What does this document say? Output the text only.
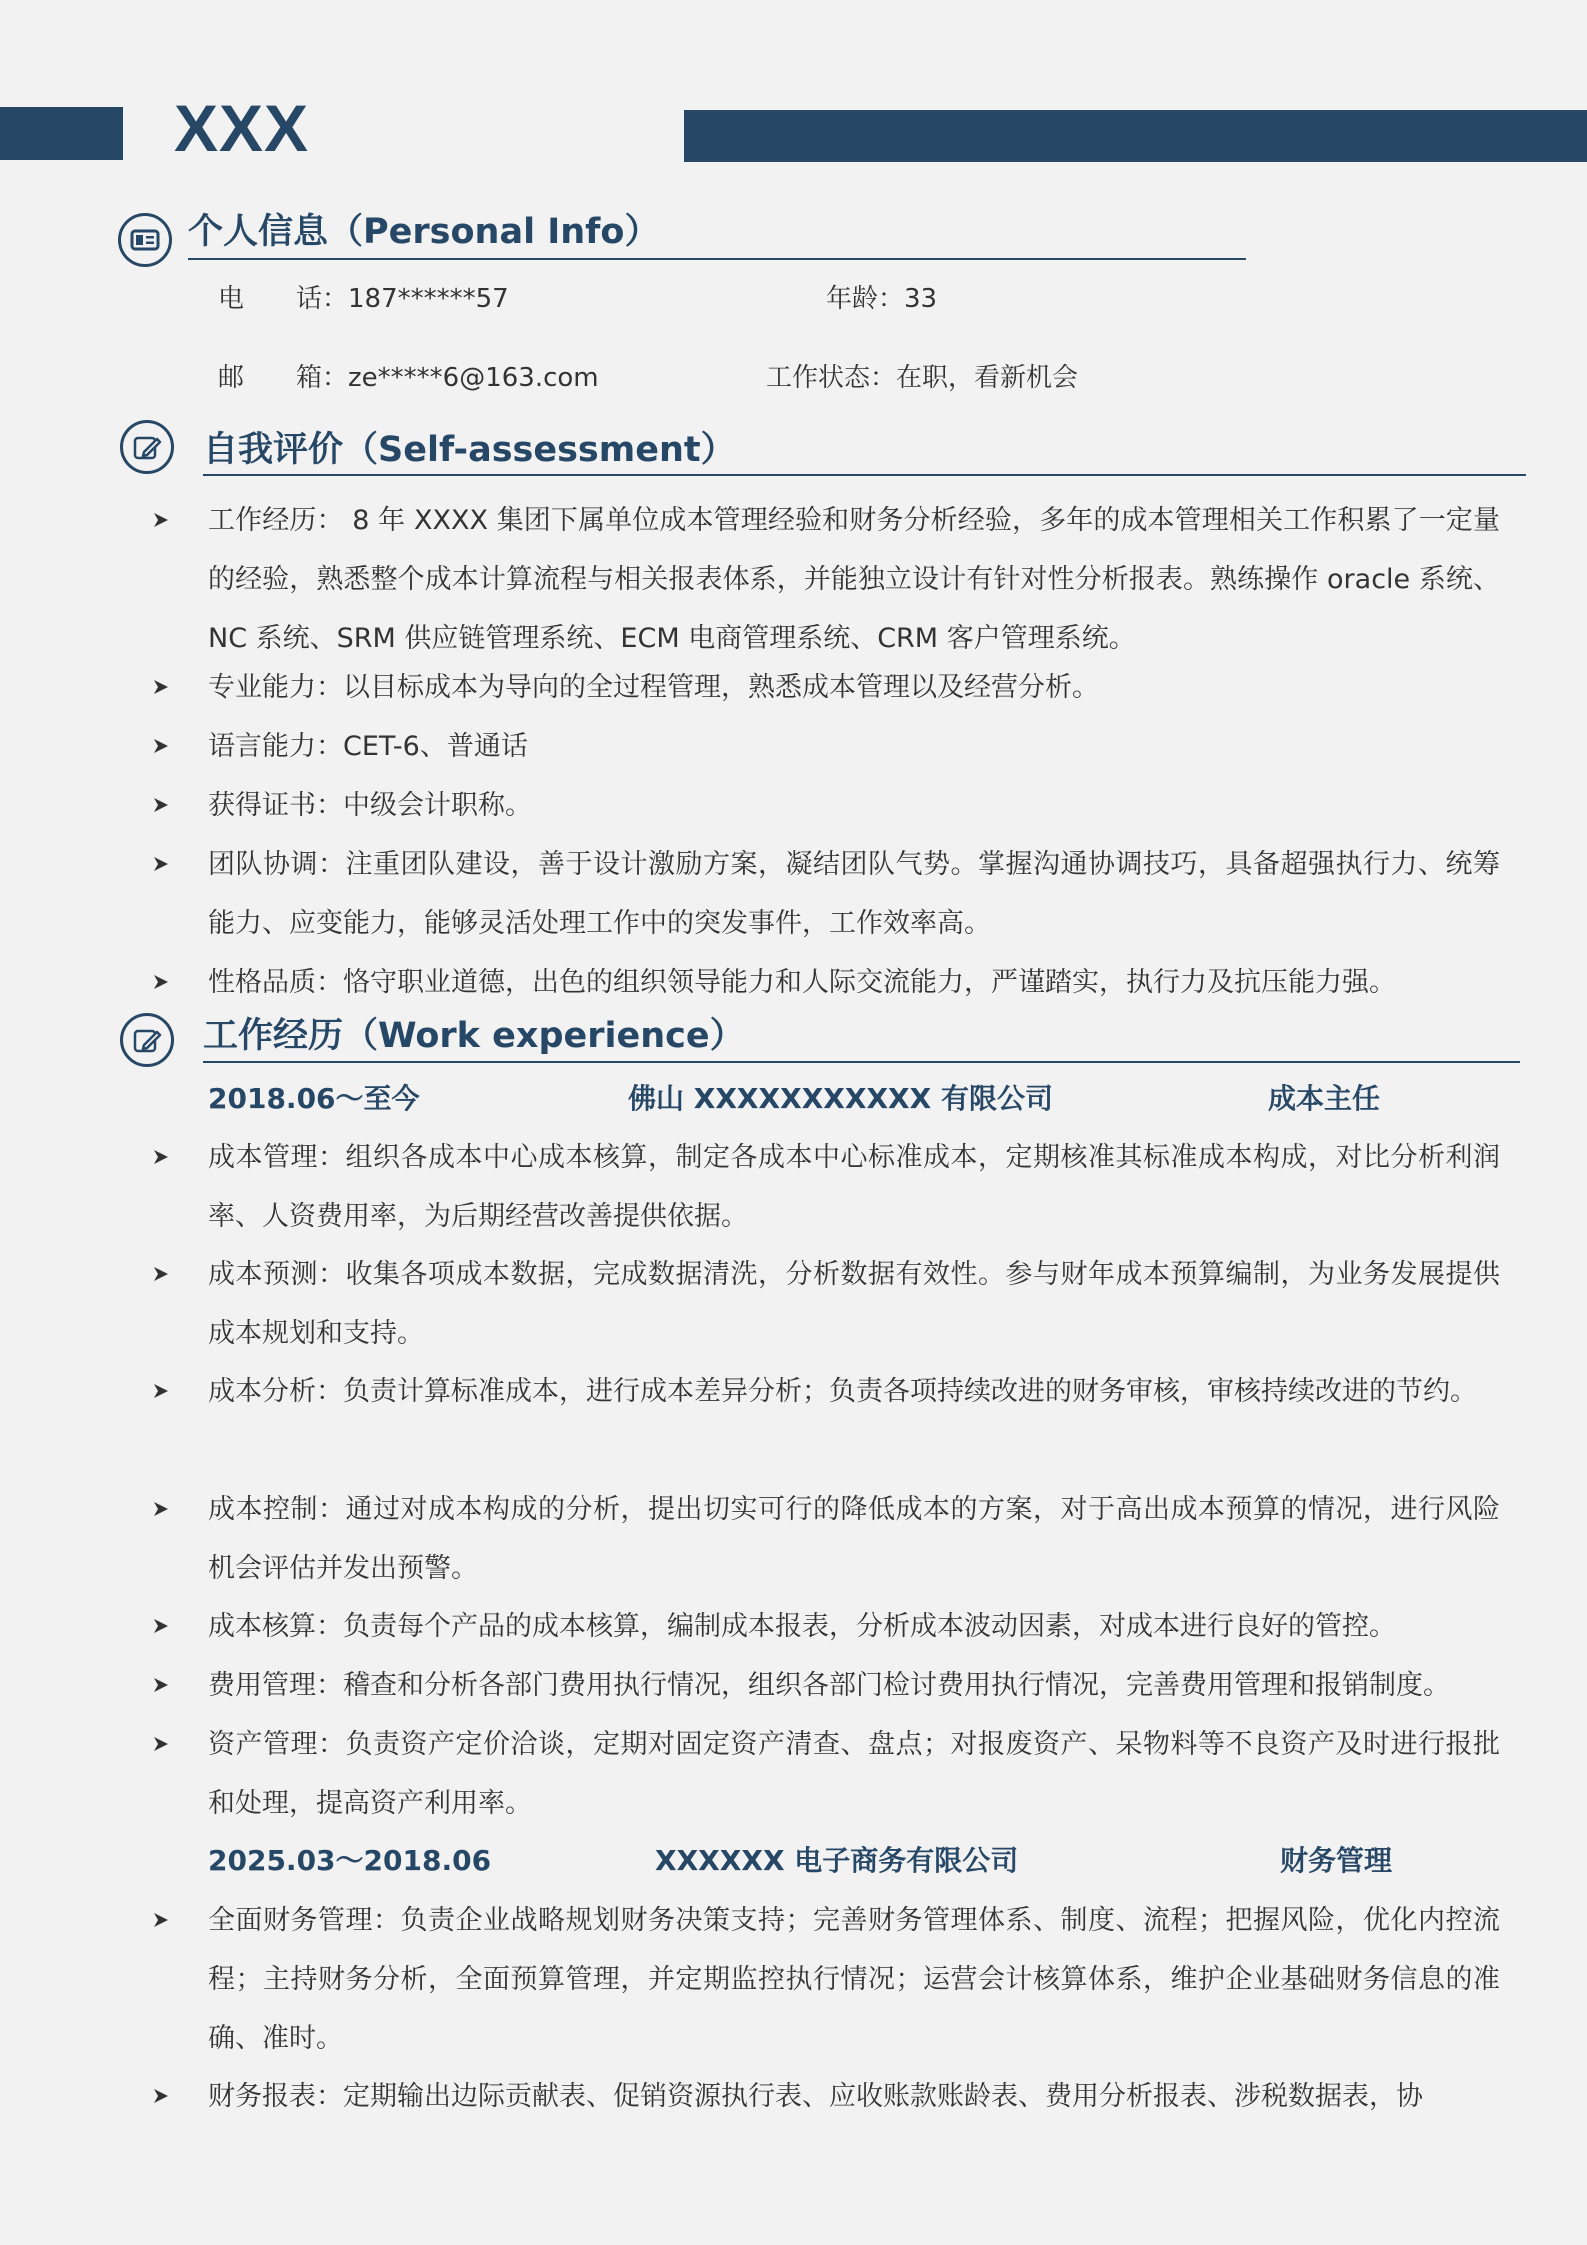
XXX
个人信息（Personal Info）
电　　话：187******57	年龄：33
邮　　箱：ze*****6@163.com	工作状态：在职，看新机会
自我评价（Self-assessment）
工作经历： 8 年 XXXX 集团下属单位成本管理经验和财务分析经验，多年的成本管理相关工作积累了一定量的经验，熟悉整个成本计算流程与相关报表体系，并能独立设计有针对性分析报表。熟练操作 oracle 系统、NC 系统、SRM 供应链管理系统、ECM 电商管理系统、CRM 客户管理系统。
专业能力：以目标成本为导向的全过程管理，熟悉成本管理以及经营分析。
语言能力：CET-6、普通话
获得证书：中级会计职称。
团队协调：注重团队建设，善于设计激励方案，凝结团队气势。掌握沟通协调技巧，具备超强执行力、统筹能力、应变能力，能够灵活处理工作中的突发事件，工作效率高。
性格品质：恪守职业道德，出色的组织领导能力和人际交流能力，严谨踏实，执行力及抗压能力强。
工作经历（Work experience）
2018.06～至今	佛山 XXXXXXXXXXX 有限公司	成本主任
成本管理：组织各成本中心成本核算，制定各成本中心标准成本，定期核准其标准成本构成，对比分析利润率、人资费用率，为后期经营改善提供依据。
成本预测：收集各项成本数据，完成数据清洗，分析数据有效性。参与财年成本预算编制，为业务发展提供成本规划和支持。
成本分析：负责计算标准成本，进行成本差异分析；负责各项持续改进的财务审核，审核持续改进的节约。
成本控制：通过对成本构成的分析，提出切实可行的降低成本的方案，对于高出成本预算的情况，进行风险机会评估并发出预警。
成本核算：负责每个产品的成本核算，编制成本报表，分析成本波动因素，对成本进行良好的管控。
费用管理：稽查和分析各部门费用执行情况，组织各部门检讨费用执行情况，完善费用管理和报销制度。
资产管理：负责资产定价洽谈，定期对固定资产清查、盘点；对报废资产、呆物料等不良资产及时进行报批和处理，提高资产利用率。
2025.03～2018.06	XXXXXX 电子商务有限公司	财务管理
全面财务管理：负责企业战略规划财务决策支持；完善财务管理体系、制度、流程；把握风险，优化内控流程；主持财务分析，全面预算管理，并定期监控执行情况；运营会计核算体系，维护企业基础财务信息的准确、准时。
财务报表：定期输出边际贡献表、促销资源执行表、应收账款账龄表、费用分析报表、涉税数据表，协
